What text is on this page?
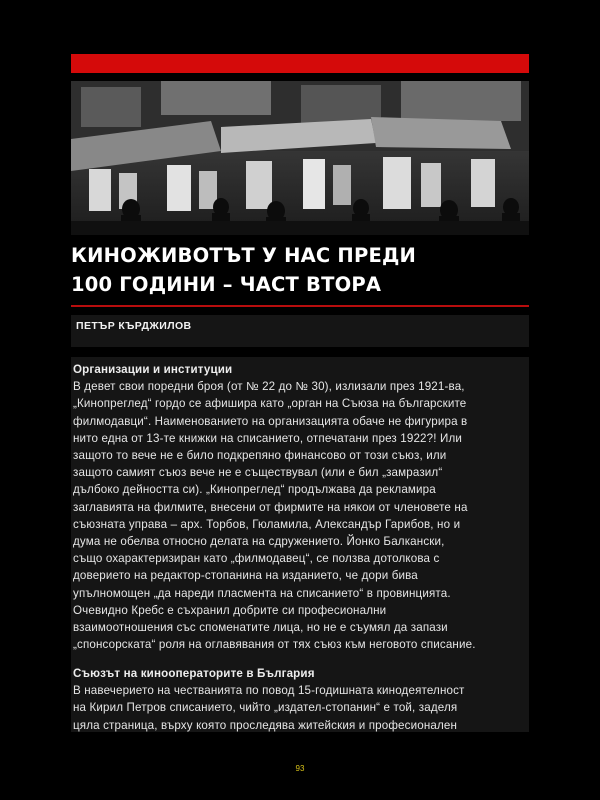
КИНОЖИВОТЪТ У НАС ПРЕДИ
100 ГОДИНИ – ЧАСТ ВТОРА
ПЕТЪР КЪРДЖИЛОВ
Организации и институции
В девет свои поредни броя (от № 22 до № 30), излизали през 1921-ва,
„Кинопреглед“ гордо се афишира като „орган на Съюза на българските
филмодавци“. Наименованието на организацията обаче не фигурира в
нито една от 13-те книжки на списанието, отпечатани през 1922?! Или
защото то вече не е било подкрепяно финансово от този съюз, или
защото самият съюз вече не е съществувал (или е бил „замразил“
дълбоко дейността си). „Кинопреглед“ продължава да рекламира
заглавията на филмите, внесени от фирмите на някои от членовете на
съюзната управа – арх. Торбов, Гюламила, Александър Гарибов, но и
дума не обелва относно делата на сдружението. Йонко Балкански,
също охарактеризиран като „филмодавец“, се ползва дотолкова с
доверието на редактор-стопанина на изданието, че дори бива
упълномощен „да нареди пласмента на списанието“ в провинцията.
Очевидно Кребс е съхранил добрите си професионални
взаимоотношения със споменатите лица, но не е съумял да запази
„спонсорската“ роля на оглавявания от тях съюз към неговото списание.
Съюзът на кинооператорите в България
В навечерието на честванията по повод 15-годишната кинодеятелност
на Кирил Петров списанието, чийто „издател-стопанин“ е той, заделя
цяла страница, върху която проследява житейския и професионален
93
